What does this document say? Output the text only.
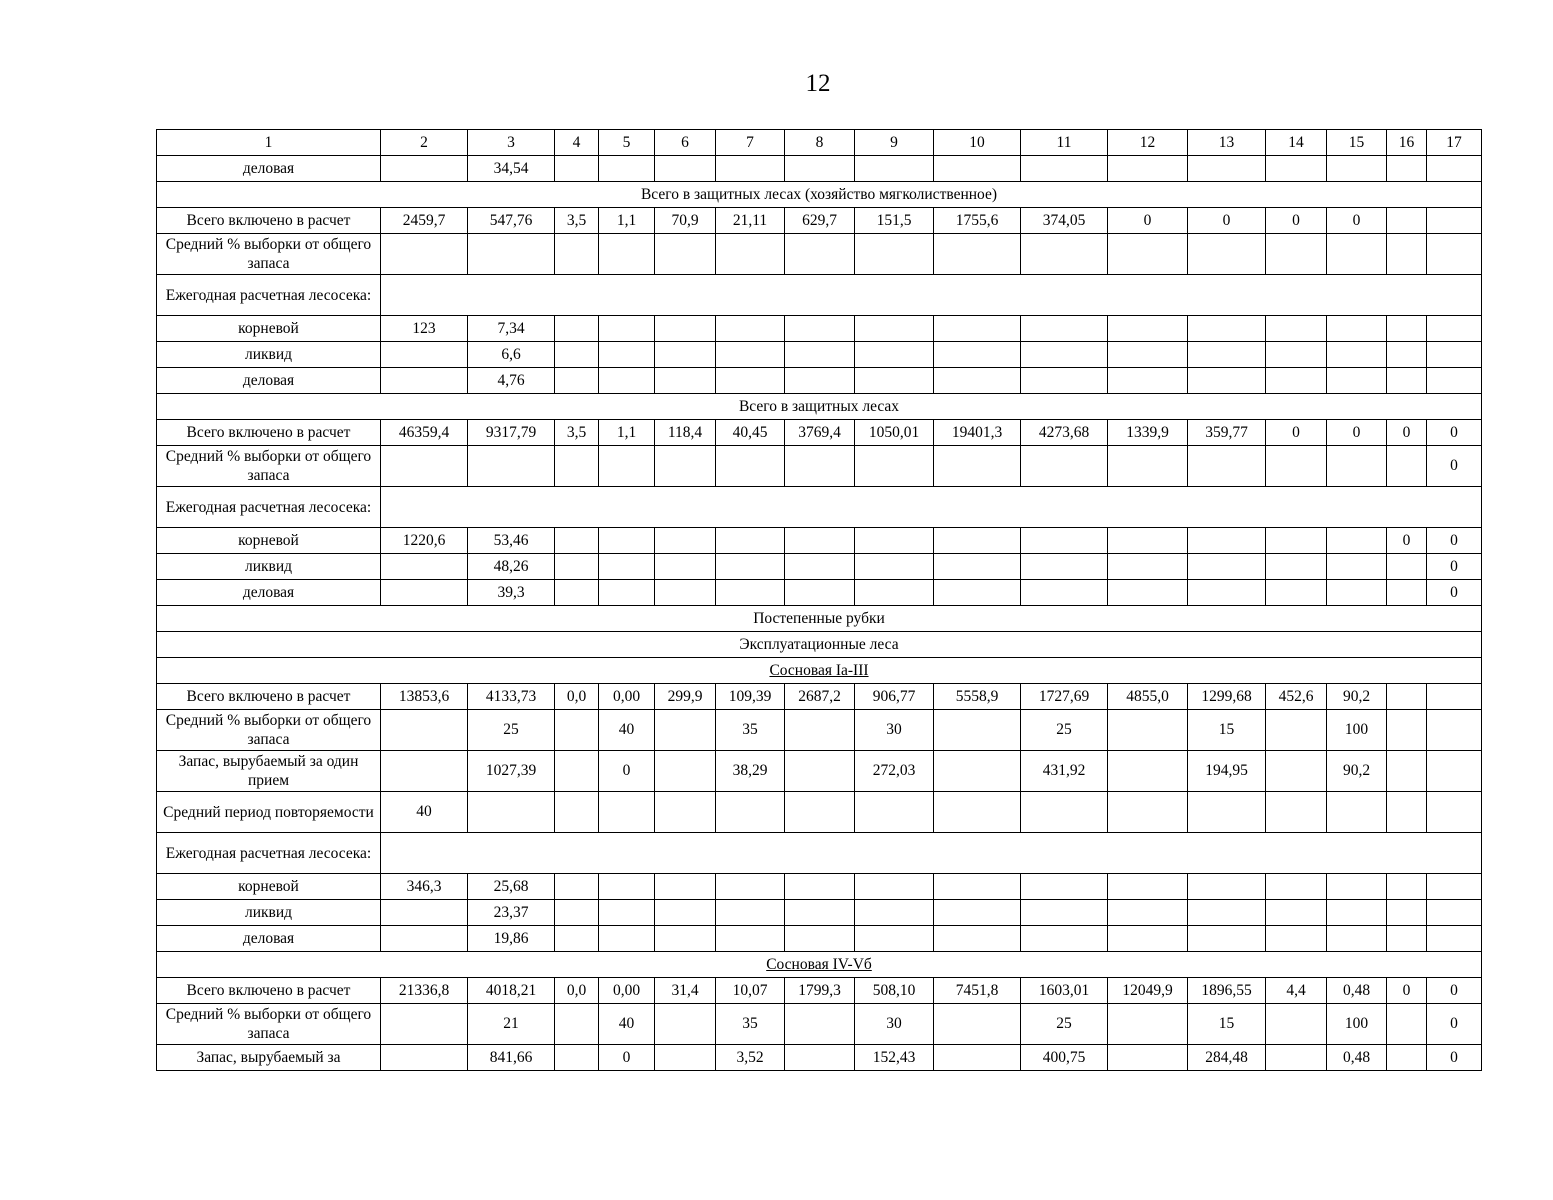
12
1	2	3	4	5	6	7	8	9	10	11	12	13	14	15	16	17
деловая		34,54														
Всего в защитных лесах (хозяйство мягколиственное)																
Всего включено в расчет	2459,7	547,76	3,5	1,1	70,9	21,11	629,7	151,5	1755,6	374,05	0	0	0	0		
Средний % выборки от общего запаса																
Ежегодная расчетная лесосека:																
корневой	123	7,34														
ликвид		6,6														
деловая		4,76														
Всего в защитных лесах																
Всего включено в расчет	46359,4	9317,79	3,5	1,1	118,4	40,45	3769,4	1050,01	19401,3	4273,68	1339,9	359,77	0	0	0	0
Средний % выборки от общего запаса																0
Ежегодная расчетная лесосека:																
корневой	1220,6	53,46													0	0
ликвид		48,26														0
деловая		39,3														0
Постепенные рубки																
Эксплуатационные леса																
Сосновая Ia-III																
Всего включено в расчет	13853,6	4133,73	0,0	0,00	299,9	109,39	2687,2	906,77	5558,9	1727,69	4855,0	1299,68	452,6	90,2		
Средний % выборки от общего запаса		25		40		35		30		25		15		100		
Запас, вырубаемый за один прием		1027,39		0		38,29		272,03		431,92		194,95		90,2		
Средний период повторяемости	40															
Ежегодная расчетная лесосека:																
корневой	346,3	25,68														
ликвид		23,37														
деловая		19,86														
Сосновая IV-Vб																
Всего включено в расчет	21336,8	4018,21	0,0	0,00	31,4	10,07	1799,3	508,10	7451,8	1603,01	12049,9	1896,55	4,4	0,48	0	0
Средний % выборки от общего запаса		21		40		35		30		25		15		100		0
Запас, вырубаемый за		841,66		0		3,52		152,43		400,75		284,48		0,48		0
